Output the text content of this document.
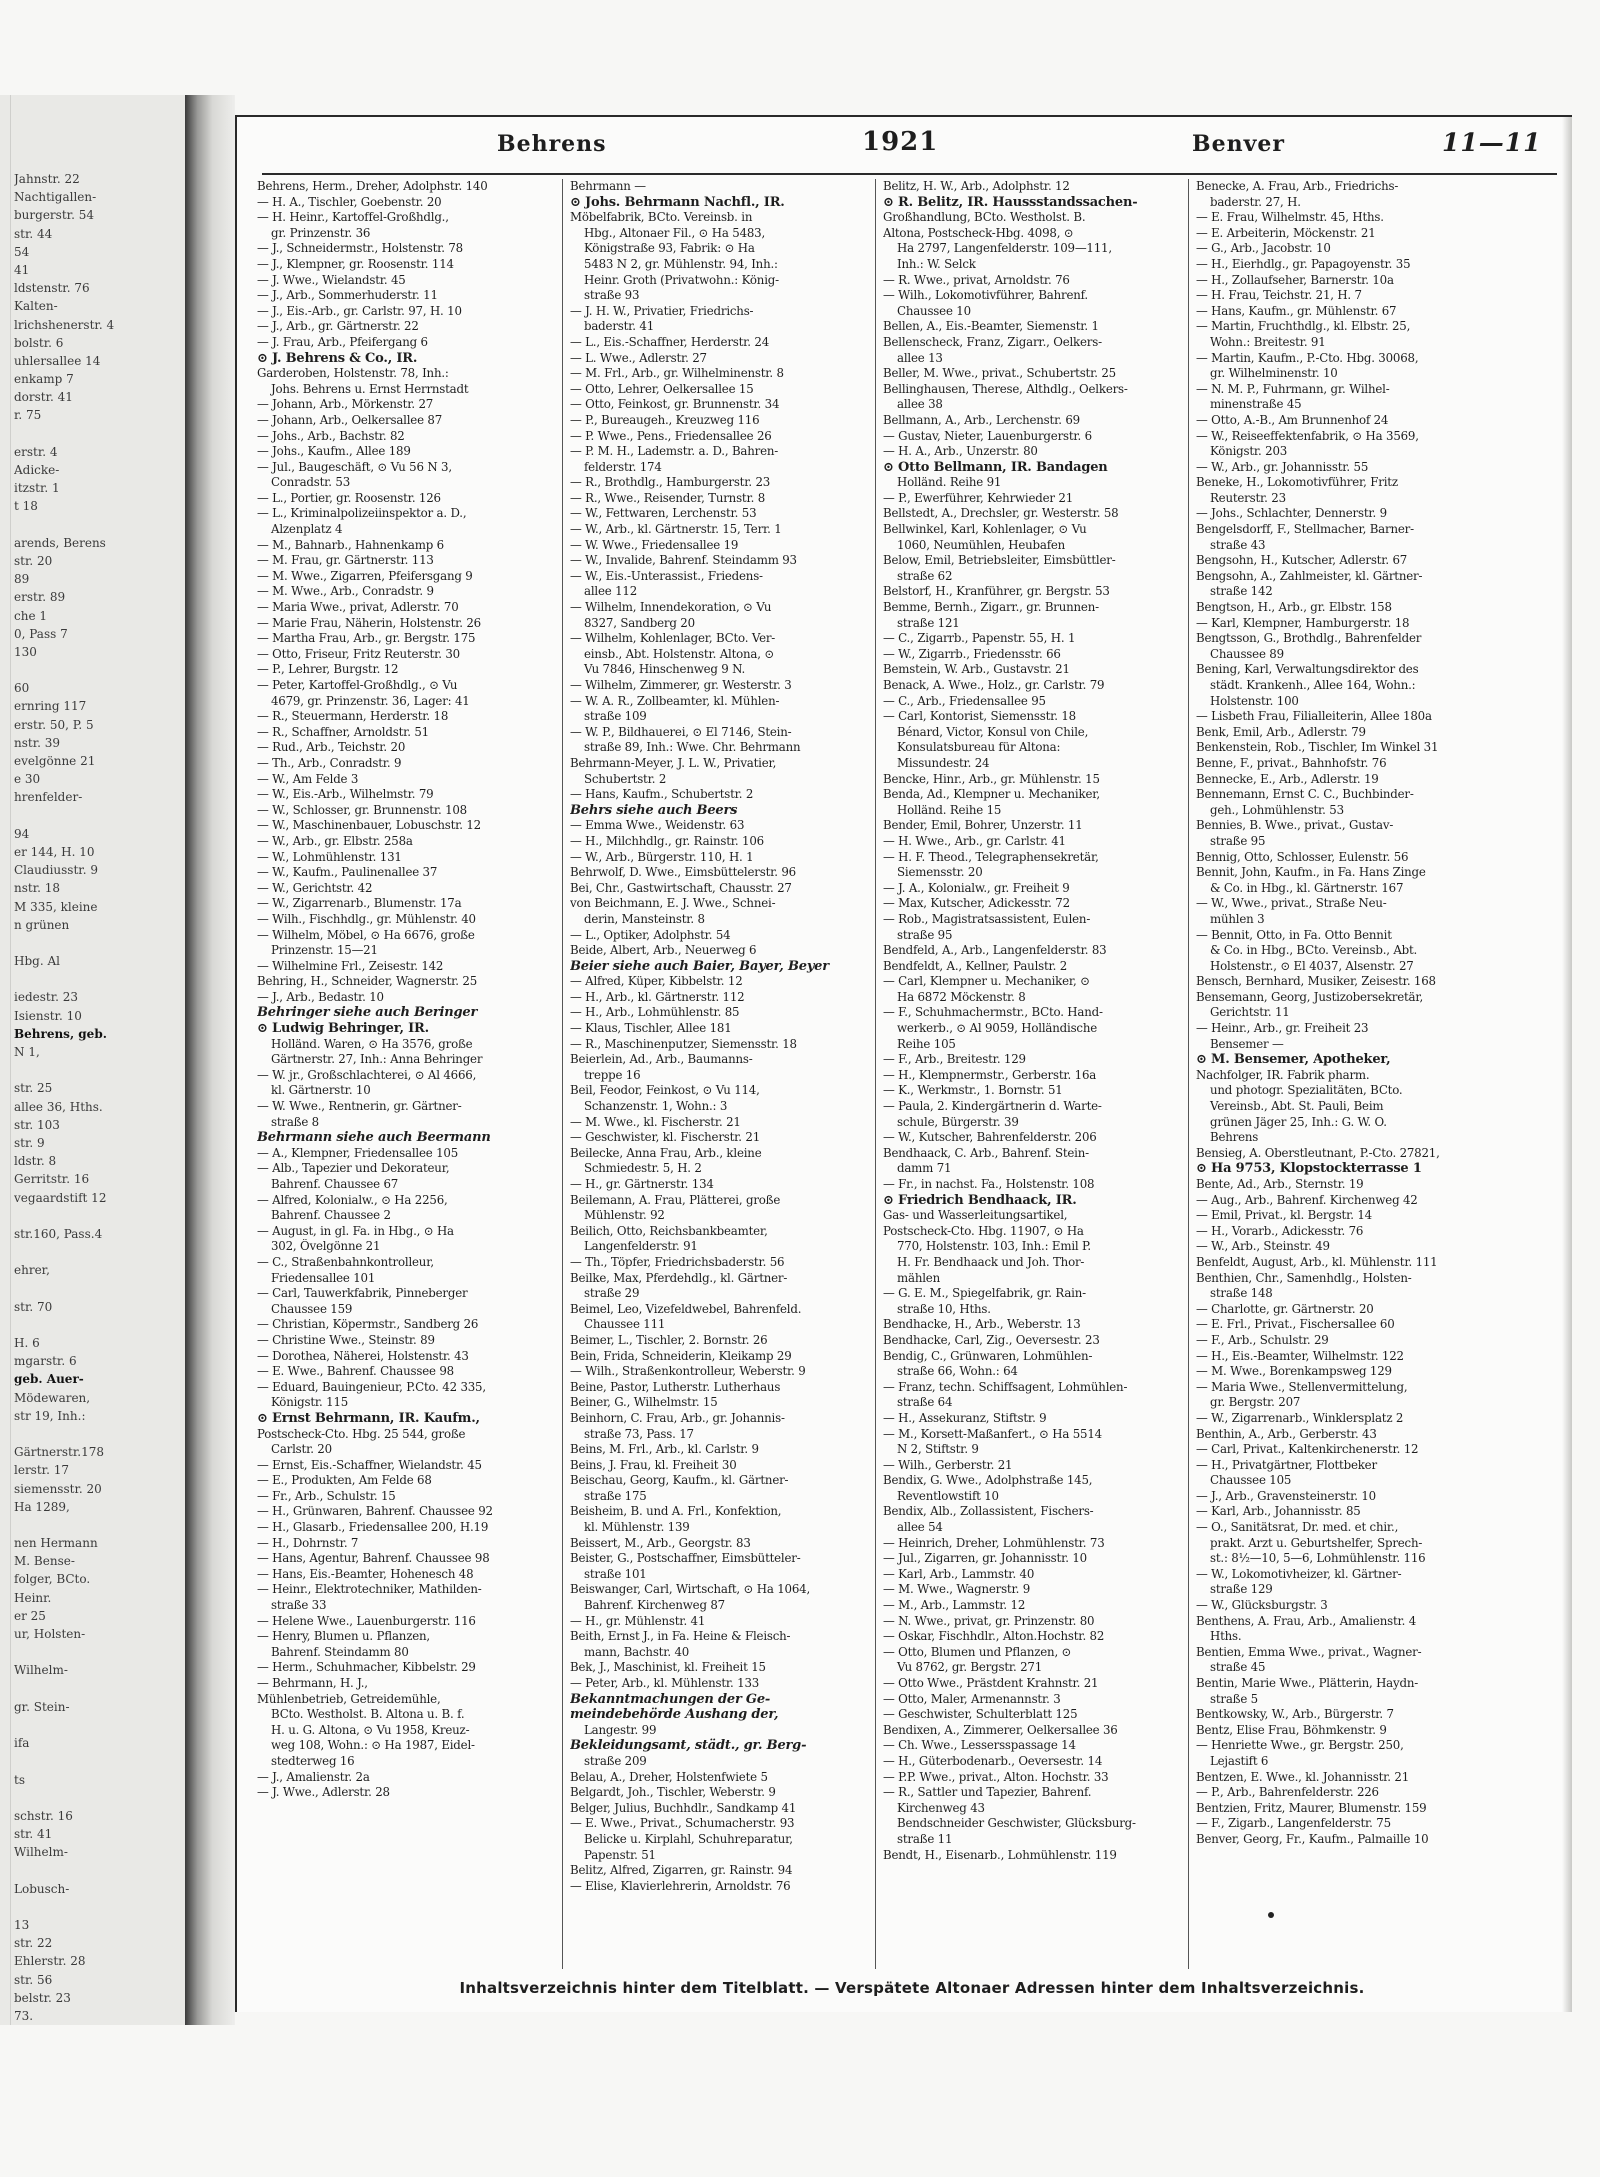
Jahnstr. 22
Nachtigallen-
burgerstr. 54
str. 44
54
41
ldstenstr. 76
Kalten-
lrichshenerstr. 4
bolstr. 6
uhlersallee 14
enkamp 7
dorstr. 41
r. 75
erstr. 4
Adicke-
itzstr. 1
t 18
arends, Berens
str. 20
89
erstr. 89
che 1
0, Pass 7
130
60
ernring 117
erstr. 50, P. 5
nstr. 39
evelgönne 21
e 30
hrenfelder-
94
er 144, H. 10
Claudiusstr. 9
nstr. 18
M 335, kleine
n grünen
Hbg. Al
iedestr. 23
Isienstr. 10
Behrens, geb.
N 1,
str. 25
allee 36, Hths.
str. 103
str. 9
ldstr. 8
Gerritstr. 16
vegaardstift 12
str.160, Pass.4
ehrer,
str. 70
H. 6
mgarstr. 6
geb. Auer-
Mödewaren,
str 19, Inh.:
Gärtnerstr.178
lerstr. 17
siemensstr. 20
Ha 1289,
nen Hermann
M. Bense-
folger, BCto.
Heinr.
er 25
ur, Holsten-
Wilhelm-
gr. Stein-
ifa
ts
schstr. 16
str. 41
Wilhelm-
Lobusch-
13
str. 22
Ehlerstr. 28
str. 56
belstr. 23
73.
Behrens	1921	Benver	11—11
Behrens, Herm., Dreher, Adolphstr. 140
— H. A., Tischler, Goebenstr. 20
— H. Heinr., Kartoffel-Großhdlg.,
gr. Prinzenstr. 36
— J., Schneidermstr., Holstenstr. 78
— J., Klempner, gr. Roosenstr. 114
— J. Wwe., Wielandstr. 45
— J., Arb., Sommerhuderstr. 11
— J., Eis.-Arb., gr. Carlstr. 97, H. 10
— J., Arb., gr. Gärtnerstr. 22
— J. Frau, Arb., Pfeifergang 6
⊙ J. Behrens & Co., IR.
Garderoben, Holstenstr. 78, Inh.:
Johs. Behrens u. Ernst Herrnstadt
— Johann, Arb., Mörkenstr. 27
— Johann, Arb., Oelkersallee 87
— Johs., Arb., Bachstr. 82
— Johs., Kaufm., Allee 189
— Jul., Baugeschäft, ⊙ Vu 56 N 3,
Conradstr. 53
— L., Portier, gr. Roosenstr. 126
— L., Kriminalpolizeiinspektor a. D.,
Alzenplatz 4
— M., Bahnarb., Hahnenkamp 6
— M. Frau, gr. Gärtnerstr. 113
— M. Wwe., Zigarren, Pfeifersgang 9
— M. Wwe., Arb., Conradstr. 9
— Maria Wwe., privat, Adlerstr. 70
— Marie Frau, Näherin, Holstenstr. 26
— Martha Frau, Arb., gr. Bergstr. 175
— Otto, Friseur, Fritz Reuterstr. 30
— P., Lehrer, Burgstr. 12
— Peter, Kartoffel-Großhdlg., ⊙ Vu
4679, gr. Prinzenstr. 36, Lager: 41
— R., Steuermann, Herderstr. 18
— R., Schaffner, Arnoldstr. 51
— Rud., Arb., Teichstr. 20
— Th., Arb., Conradstr. 9
— W., Am Felde 3
— W., Eis.-Arb., Wilhelmstr. 79
— W., Schlosser, gr. Brunnenstr. 108
— W., Maschinenbauer, Lobuschstr. 12
— W., Arb., gr. Elbstr. 258a
— W., Lohmühlenstr. 131
— W., Kaufm., Paulinenallee 37
— W., Gerichtstr. 42
— W., Zigarrenarb., Blumenstr. 17a
— Wilh., Fischhdlg., gr. Mühlenstr. 40
— Wilhelm, Möbel, ⊙ Ha 6676, große
Prinzenstr. 15—21
— Wilhelmine Frl., Zeisestr. 142
Behring, H., Schneider, Wagnerstr. 25
— J., Arb., Bedastr. 10
Behringer siehe auch Beringer
⊙ Ludwig Behringer, IR.
Holländ. Waren, ⊙ Ha 3576, große
Gärtnerstr. 27, Inh.: Anna Behringer
— W. jr., Großschlachterei, ⊙ Al 4666,
kl. Gärtnerstr. 10
— W. Wwe., Rentnerin, gr. Gärtner-
straße 8
Behrmann siehe auch Beermann
— A., Klempner, Friedensallee 105
— Alb., Tapezier und Dekorateur,
Bahrenf. Chaussee 67
— Alfred, Kolonialw., ⊙ Ha 2256,
Bahrenf. Chaussee 2
— August, in gl. Fa. in Hbg., ⊙ Ha
302, Övelgönne 21
— C., Straßenbahnkontrolleur,
Friedensallee 101
— Carl, Tauwerkfabrik, Pinneberger
Chaussee 159
— Christian, Köpermstr., Sandberg 26
— Christine Wwe., Steinstr. 89
— Dorothea, Näherei, Holstenstr. 43
— E. Wwe., Bahrenf. Chaussee 98
— Eduard, Bauingenieur, P.Cto. 42 335,
Königstr. 115
⊙ Ernst Behrmann, IR. Kaufm.,
Postscheck-Cto. Hbg. 25 544, große
Carlstr. 20
— Ernst, Eis.-Schaffner, Wielandstr. 45
— E., Produkten, Am Felde 68
— Fr., Arb., Schulstr. 15
— H., Grünwaren, Bahrenf. Chaussee 92
— H., Glasarb., Friedensallee 200, H.19
— H., Dohrnstr. 7
— Hans, Agentur, Bahrenf. Chaussee 98
— Hans, Eis.-Beamter, Hohenesch 48
— Heinr., Elektrotechniker, Mathilden-
straße 33
— Helene Wwe., Lauenburgerstr. 116
— Henry, Blumen u. Pflanzen,
Bahrenf. Steindamm 80
— Herm., Schuhmacher, Kibbelstr. 29
— Behrmann, H. J.,
Mühlenbetrieb, Getreidemühle,
BCto. Westholst. B. Altona u. B. f.
H. u. G. Altona, ⊙ Vu 1958, Kreuz-
weg 108, Wohn.: ⊙ Ha 1987, Eidel-
stedterweg 16
— J., Amalienstr. 2a
— J. Wwe., Adlerstr. 28
Behrmann —
⊙ Johs. Behrmann Nachfl., IR.
Möbelfabrik, BCto. Vereinsb. in
Hbg., Altonaer Fil., ⊙ Ha 5483,
Königstraße 93, Fabrik: ⊙ Ha
5483 N 2, gr. Mühlenstr. 94, Inh.:
Heinr. Groth (Privatwohn.: König-
straße 93
— J. H. W., Privatier, Friedrichs-
baderstr. 41
— L., Eis.-Schaffner, Herderstr. 24
— L. Wwe., Adlerstr. 27
— M. Frl., Arb., gr. Wilhelminenstr. 8
— Otto, Lehrer, Oelkersallee 15
— Otto, Feinkost, gr. Brunnenstr. 34
— P., Bureaugeh., Kreuzweg 116
— P. Wwe., Pens., Friedensallee 26
— P. M. H., Lademstr. a. D., Bahren-
felderstr. 174
— R., Brothdlg., Hamburgerstr. 23
— R., Wwe., Reisender, Turnstr. 8
— W., Fettwaren, Lerchenstr. 53
— W., Arb., kl. Gärtnerstr. 15, Terr. 1
— W. Wwe., Friedensallee 19
— W., Invalide, Bahrenf. Steindamm 93
— W., Eis.-Unterassist., Friedens-
allee 112
— Wilhelm, Innendekoration, ⊙ Vu
8327, Sandberg 20
— Wilhelm, Kohlenlager, BCto. Ver-
einsb., Abt. Holstenstr. Altona, ⊙
Vu 7846, Hinschenweg 9 N.
— Wilhelm, Zimmerer, gr. Westerstr. 3
— W. A. R., Zollbeamter, kl. Mühlen-
straße 109
— W. P., Bildhauerei, ⊙ El 7146, Stein-
straße 89, Inh.: Wwe. Chr. Behrmann
Behrmann-Meyer, J. L. W., Privatier,
Schubertstr. 2
— Hans, Kaufm., Schubertstr. 2
Behrs siehe auch Beers
— Emma Wwe., Weidenstr. 63
— H., Milchhdlg., gr. Rainstr. 106
— W., Arb., Bürgerstr. 110, H. 1
Behrwolf, D. Wwe., Eimsbüttelerstr. 96
Bei, Chr., Gastwirtschaft, Chausstr. 27
von Beichmann, E. J. Wwe., Schnei-
derin, Mansteinstr. 8
— L., Optiker, Adolphstr. 54
Beide, Albert, Arb., Neuerweg 6
Beier siehe auch Baier, Bayer, Beyer
— Alfred, Küper, Kibbelstr. 12
— H., Arb., kl. Gärtnerstr. 112
— H., Arb., Lohmühlenstr. 85
— Klaus, Tischler, Allee 181
— R., Maschinenputzer, Siemensstr. 18
Beierlein, Ad., Arb., Baumanns-
treppe 16
Beil, Feodor, Feinkost, ⊙ Vu 114,
Schanzenstr. 1, Wohn.: 3
— M. Wwe., kl. Fischerstr. 21
— Geschwister, kl. Fischerstr. 21
Beilecke, Anna Frau, Arb., kleine
Schmiedestr. 5, H. 2
— H., gr. Gärtnerstr. 134
Beilemann, A. Frau, Plätterei, große
Mühlenstr. 92
Beilich, Otto, Reichsbankbeamter,
Langenfelderstr. 91
— Th., Töpfer, Friedrichsbaderstr. 56
Beilke, Max, Pferdehdlg., kl. Gärtner-
straße 29
Beimel, Leo, Vizefeldwebel, Bahrenfeld.
Chaussee 111
Beimer, L., Tischler, 2. Bornstr. 26
Bein, Frida, Schneiderin, Kleikamp 29
— Wilh., Straßenkontrolleur, Weberstr. 9
Beine, Pastor, Lutherstr. Lutherhaus
Beiner, G., Wilhelmstr. 15
Beinhorn, C. Frau, Arb., gr. Johannis-
straße 73, Pass. 17
Beins, M. Frl., Arb., kl. Carlstr. 9
Beins, J. Frau, kl. Freiheit 30
Beischau, Georg, Kaufm., kl. Gärtner-
straße 175
Beisheim, B. und A. Frl., Konfektion,
kl. Mühlenstr. 139
Beissert, M., Arb., Georgstr. 83
Beister, G., Postschaffner, Eimsbütteler-
straße 101
Beiswanger, Carl, Wirtschaft, ⊙ Ha 1064,
Bahrenf. Kirchenweg 87
— H., gr. Mühlenstr. 41
Beith, Ernst J., in Fa. Heine & Fleisch-
mann, Bachstr. 40
Bek, J., Maschinist, kl. Freiheit 15
— Peter, Arb., kl. Mühlenstr. 133
Bekanntmachungen der Ge-
meindebehörde Aushang der,
Langestr. 99
Bekleidungsamt, städt., gr. Berg-
straße 209
Belau, A., Dreher, Holstenfwiete 5
Belgardt, Joh., Tischler, Weberstr. 9
Belger, Julius, Buchhdlr., Sandkamp 41
— E. Wwe., Privat., Schumacherstr. 93
Belicke u. Kirplahl, Schuhreparatur,
Papenstr. 51
Belitz, Alfred, Zigarren, gr. Rainstr. 94
— Elise, Klavierlehrerin, Arnoldstr. 76
Belitz, H. W., Arb., Adolphstr. 12
⊙ R. Belitz, IR. Haussstandssachen-
Großhandlung, BCto. Westholst. B.
Altona, Postscheck-Hbg. 4098, ⊙
Ha 2797, Langenfelderstr. 109—111,
Inh.: W. Selck
— R. Wwe., privat, Arnoldstr. 76
— Wilh., Lokomotivführer, Bahrenf.
Chaussee 10
Bellen, A., Eis.-Beamter, Siemenstr. 1
Bellenscheck, Franz, Zigarr., Oelkers-
allee 13
Beller, M. Wwe., privat., Schubertstr. 25
Bellinghausen, Therese, Althdlg., Oelkers-
allee 38
Bellmann, A., Arb., Lerchenstr. 69
— Gustav, Nieter, Lauenburgerstr. 6
— H. A., Arb., Unzerstr. 80
⊙ Otto Bellmann, IR. Bandagen
Holländ. Reihe 91
— P., Ewerführer, Kehrwieder 21
Bellstedt, A., Drechsler, gr. Westerstr. 58
Bellwinkel, Karl, Kohlenlager, ⊙ Vu
1060, Neumühlen, Heubafen
Below, Emil, Betriebsleiter, Eimsbüttler-
straße 62
Belstorf, H., Kranführer, gr. Bergstr. 53
Bemme, Bernh., Zigarr., gr. Brunnen-
straße 121
— C., Zigarrb., Papenstr. 55, H. 1
— W., Zigarrb., Friedensstr. 66
Bemstein, W. Arb., Gustavstr. 21
Benack, A. Wwe., Holz., gr. Carlstr. 79
— C., Arb., Friedensallee 95
— Carl, Kontorist, Siemensstr. 18
Bénard, Victor, Konsul von Chile,
Konsulatsbureau für Altona:
Missundestr. 24
Bencke, Hinr., Arb., gr. Mühlenstr. 15
Benda, Ad., Klempner u. Mechaniker,
Holländ. Reihe 15
Bender, Emil, Bohrer, Unzerstr. 11
— H. Wwe., Arb., gr. Carlstr. 41
— H. F. Theod., Telegraphensekretär,
Siemensstr. 20
— J. A., Kolonialw., gr. Freiheit 9
— Max, Kutscher, Adickesstr. 72
— Rob., Magistratsassistent, Eulen-
straße 95
Bendfeld, A., Arb., Langenfelderstr. 83
Bendfeldt, A., Kellner, Paulstr. 2
— Carl, Klempner u. Mechaniker, ⊙
Ha 6872 Möckenstr. 8
— F., Schuhmachermstr., BCto. Hand-
werkerb., ⊙ Al 9059, Holländische
Reihe 105
— F., Arb., Breitestr. 129
— H., Klempnermstr., Gerberstr. 16a
— K., Werkmstr., 1. Bornstr. 51
— Paula, 2. Kindergärtnerin d. Warte-
schule, Bürgerstr. 39
— W., Kutscher, Bahrenfelderstr. 206
Bendhaack, C. Arb., Bahrenf. Stein-
damm 71
— Fr., in nachst. Fa., Holstenstr. 108
⊙ Friedrich Bendhaack, IR.
Gas- und Wasserleitungsartikel,
Postscheck-Cto. Hbg. 11907, ⊙ Ha
770, Holstenstr. 103, Inh.: Emil P.
H. Fr. Bendhaack und Joh. Thor-
mählen
— G. E. M., Spiegelfabrik, gr. Rain-
straße 10, Hths.
Bendhacke, H., Arb., Weberstr. 13
Bendhacke, Carl, Zig., Oeversestr. 23
Bendig, C., Grünwaren, Lohmühlen-
straße 66, Wohn.: 64
— Franz, techn. Schiffsagent, Lohmühlen-
straße 64
— H., Assekuranz, Stiftstr. 9
— M., Korsett-Maßanfert., ⊙ Ha 5514
N 2, Stiftstr. 9
— Wilh., Gerberstr. 21
Bendix, G. Wwe., Adolphstraße 145,
Reventlowstift 10
Bendix, Alb., Zollassistent, Fischers-
allee 54
— Heinrich, Dreher, Lohmühlenstr. 73
— Jul., Zigarren, gr. Johannisstr. 10
— Karl, Arb., Lammstr. 40
— M. Wwe., Wagnerstr. 9
— M., Arb., Lammstr. 12
— N. Wwe., privat, gr. Prinzenstr. 80
— Oskar, Fischhdlr., Alton.Hochstr. 82
— Otto, Blumen und Pflanzen, ⊙
Vu 8762, gr. Bergstr. 271
— Otto Wwe., Prästdent Krahnstr. 21
— Otto, Maler, Armenannstr. 3
— Geschwister, Schulterblatt 125
Bendixen, A., Zimmerer, Oelkersallee 36
— Ch. Wwe., Lessersspassage 14
— H., Güterbodenarb., Oeversestr. 14
— P.P. Wwe., privat., Alton. Hochstr. 33
— R., Sattler und Tapezier, Bahrenf.
Kirchenweg 43
Bendschneider Geschwister, Glücksburg-
straße 11
Bendt, H., Eisenarb., Lohmühlenstr. 119
Benecke, A. Frau, Arb., Friedrichs-
baderstr. 27, H.
— E. Frau, Wilhelmstr. 45, Hths.
— E. Arbeiterin, Möckenstr. 21
— G., Arb., Jacobstr. 10
— H., Eierhdlg., gr. Papagoyenstr. 35
— H., Zollaufseher, Barnerstr. 10a
— H. Frau, Teichstr. 21, H. 7
— Hans, Kaufm., gr. Mühlenstr. 67
— Martin, Fruchthdlg., kl. Elbstr. 25,
Wohn.: Breitestr. 91
— Martin, Kaufm., P.-Cto. Hbg. 30068,
gr. Wilhelminenstr. 10
— N. M. P., Fuhrmann, gr. Wilhel-
minenstraße 45
— Otto, A.-B., Am Brunnenhof 24
— W., Reiseeffektenfabrik, ⊙ Ha 3569,
Königstr. 203
— W., Arb., gr. Johannisstr. 55
Beneke, H., Lokomotivführer, Fritz
Reuterstr. 23
— Johs., Schlachter, Dennerstr. 9
Bengelsdorff, F., Stellmacher, Barner-
straße 43
Bengsohn, H., Kutscher, Adlerstr. 67
Bengsohn, A., Zahlmeister, kl. Gärtner-
straße 142
Bengtson, H., Arb., gr. Elbstr. 158
— Karl, Klempner, Hamburgerstr. 18
Bengtsson, G., Brothdlg., Bahrenfelder
Chaussee 89
Bening, Karl, Verwaltungsdirektor des
städt. Krankenh., Allee 164, Wohn.:
Holstenstr. 100
— Lisbeth Frau, Filialleiterin, Allee 180a
Benk, Emil, Arb., Adlerstr. 79
Benkenstein, Rob., Tischler, Im Winkel 31
Benne, F., privat., Bahnhofstr. 76
Bennecke, E., Arb., Adlerstr. 19
Bennemann, Ernst C. C., Buchbinder-
geh., Lohmühlenstr. 53
Bennies, B. Wwe., privat., Gustav-
straße 95
Bennig, Otto, Schlosser, Eulenstr. 56
Bennit, John, Kaufm., in Fa. Hans Zinge
& Co. in Hbg., kl. Gärtnerstr. 167
— W., Wwe., privat., Straße Neu-
mühlen 3
— Bennit, Otto, in Fa. Otto Bennit
& Co. in Hbg., BCto. Vereinsb., Abt.
Holstenstr., ⊙ El 4037, Alsenstr. 27
Bensch, Bernhard, Musiker, Zeisestr. 168
Bensemann, Georg, Justizobersekretär,
Gerichtstr. 11
— Heinr., Arb., gr. Freiheit 23
Bensemer —
⊙ M. Bensemer, Apotheker,
Nachfolger, IR. Fabrik pharm.
und photogr. Spezialitäten, BCto.
Vereinsb., Abt. St. Pauli, Beim
grünen Jäger 25, Inh.: G. W. O.
Behrens
Bensieg, A. Oberstleutnant, P.-Cto. 27821,
⊙ Ha 9753, Klopstockterrasse 1
Bente, Ad., Arb., Sternstr. 19
— Aug., Arb., Bahrenf. Kirchenweg 42
— Emil, Privat., kl. Bergstr. 14
— H., Vorarb., Adickesstr. 76
— W., Arb., Steinstr. 49
Benfeldt, August, Arb., kl. Mühlenstr. 111
Benthien, Chr., Samenhdlg., Holsten-
straße 148
— Charlotte, gr. Gärtnerstr. 20
— E. Frl., Privat., Fischersallee 60
— F., Arb., Schulstr. 29
— H., Eis.-Beamter, Wilhelmstr. 122
— M. Wwe., Borenkampsweg 129
— Maria Wwe., Stellenvermittelung,
gr. Bergstr. 207
— W., Zigarrenarb., Winklersplatz 2
Benthin, A., Arb., Gerberstr. 43
— Carl, Privat., Kaltenkirchenerstr. 12
— H., Privatgärtner, Flottbeker
Chaussee 105
— J., Arb., Gravensteinerstr. 10
— Karl, Arb., Johannisstr. 85
— O., Sanitätsrat, Dr. med. et chir.,
prakt. Arzt u. Geburtshelfer, Sprech-
st.: 8½—10, 5—6, Lohmühlenstr. 116
— W., Lokomotivheizer, kl. Gärtner-
straße 129
— W., Glücksburgstr. 3
Benthens, A. Frau, Arb., Amalienstr. 4
Hths.
Bentien, Emma Wwe., privat., Wagner-
straße 45
Bentin, Marie Wwe., Plätterin, Haydn-
straße 5
Bentkowsky, W., Arb., Bürgerstr. 7
Bentz, Elise Frau, Böhmkenstr. 9
— Henriette Wwe., gr. Bergstr. 250,
Lejastift 6
Bentzen, E. Wwe., kl. Johannisstr. 21
— P., Arb., Bahrenfelderstr. 226
Bentzien, Fritz, Maurer, Blumenstr. 159
— F., Zigarb., Langenfelderstr. 75
Benver, Georg, Fr., Kaufm., Palmaille 10
Inhaltsverzeichnis hinter dem Titelblatt. — Verspätete Altonaer Adressen hinter dem Inhaltsverzeichnis.
